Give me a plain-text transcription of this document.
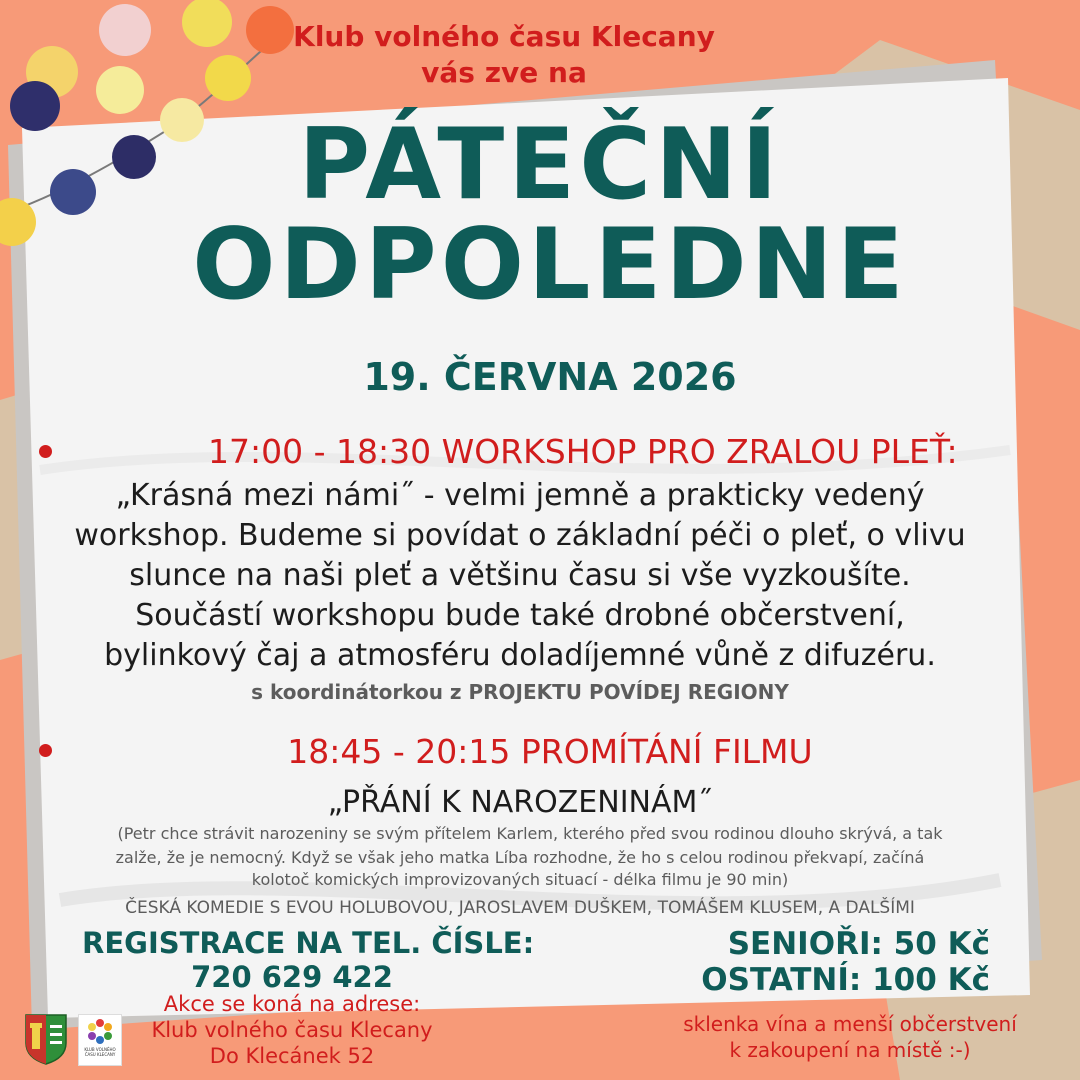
Klub volného času Klecany
vás zve na
PÁTEČNÍ
ODPOLEDNE
19. ČERVNA 2026
17:00 - 18:30 WORKSHOP PRO ZRALOU PLEŤ:
„Krásná mezi námi˝ - velmi jemně a prakticky vedený
workshop. Budeme si povídat o základní péči o pleť, o vlivu
slunce na naši pleť a většinu času si vše vyzkoušíte.
Součástí workshopu bude také drobné občerstvení,
bylinkový čaj a atmosféru doladíjemné vůně z difuzéru.
s koordinátorkou z PROJEKTU POVÍDEJ REGIONY
18:45 - 20:15 PROMÍTÁNÍ FILMU
„PŘÁNÍ K NAROZENINÁM˝
(Petr chce strávit narozeniny se svým přítelem Karlem, kterého před svou rodinou dlouho skrývá, a tak
zalže, že je nemocný. Když se však jeho matka Líba rozhodne, že ho s celou rodinou překvapí, začíná
kolotoč komických improvizovaných situací - délka filmu je 90 min)
ČESKÁ KOMEDIE S EVOU HOLUBOVOU, JAROSLAVEM DUŠKEM, TOMÁŠEM KLUSEM, A DALŠÍMI
REGISTRACE NA TEL. ČÍSLE:
720 629 422
Akce se koná na adrese:
Klub volného času Klecany
Do Klecánek 52
SENIOŘI: 50 Kč
OSTATNÍ: 100 Kč
sklenka vína a menší občerstvení
k zakoupení na místě :-)
KLUB VOLNÉHO ČASU KLECANY
